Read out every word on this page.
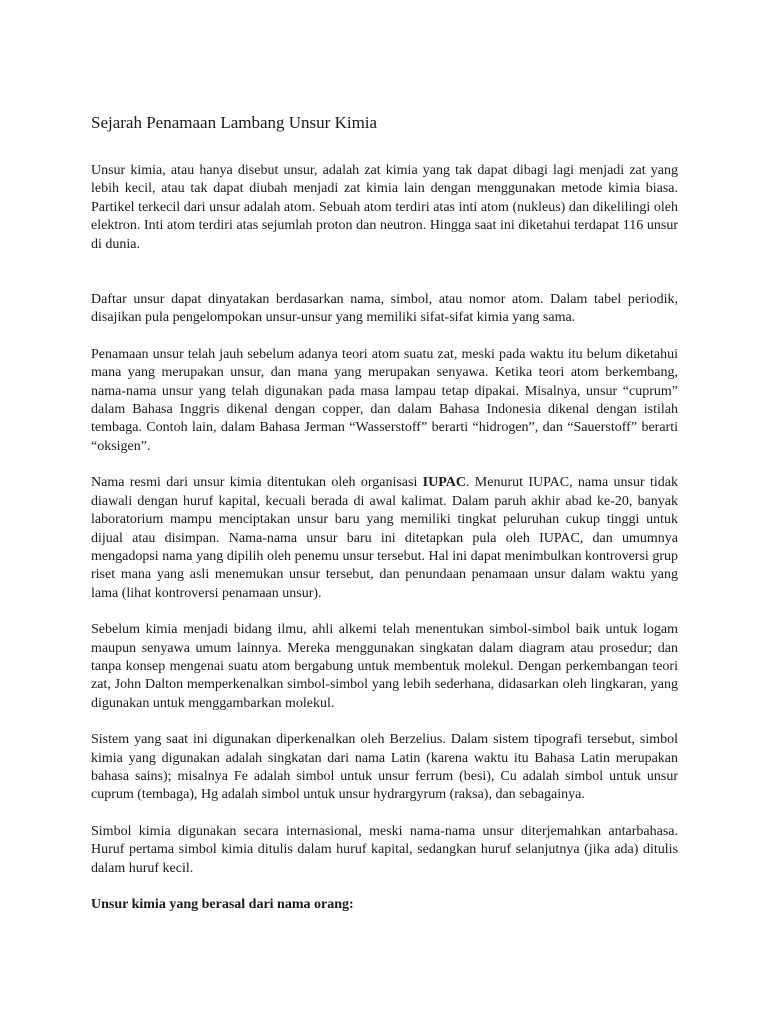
Sejarah Penamaan Lambang Unsur Kimia

Unsur kimia, atau hanya disebut unsur, adalah zat kimia yang tak dapat dibagi lagi menjadi zat yang lebih kecil, atau tak dapat diubah menjadi zat kimia lain dengan menggunakan metode kimia biasa. Partikel terkecil dari unsur adalah atom. Sebuah atom terdiri atas inti atom (nukleus) dan dikelilingi oleh elektron. Inti atom terdiri atas sejumlah proton dan neutron. Hingga saat ini diketahui terdapat 116 unsur di dunia.

Daftar unsur dapat dinyatakan berdasarkan nama, simbol, atau nomor atom. Dalam tabel periodik, disajikan pula pengelompokan unsur-unsur yang memiliki sifat-sifat kimia yang sama.

Penamaan unsur telah jauh sebelum adanya teori atom suatu zat, meski pada waktu itu belum diketahui mana yang merupakan unsur, dan mana yang merupakan senyawa. Ketika teori atom berkembang, nama-nama unsur yang telah digunakan pada masa lampau tetap dipakai. Misalnya, unsur “cuprum” dalam Bahasa Inggris dikenal dengan copper, dan dalam Bahasa Indonesia dikenal dengan istilah tembaga. Contoh lain, dalam Bahasa Jerman “Wasserstoff” berarti “hidrogen”, dan “Sauerstoff” berarti “oksigen”.

Nama resmi dari unsur kimia ditentukan oleh organisasi IUPAC. Menurut IUPAC, nama unsur tidak diawali dengan huruf kapital, kecuali berada di awal kalimat. Dalam paruh akhir abad ke-20, banyak laboratorium mampu menciptakan unsur baru yang memiliki tingkat peluruhan cukup tinggi untuk dijual atau disimpan. Nama-nama unsur baru ini ditetapkan pula oleh IUPAC, dan umumnya mengadopsi nama yang dipilih oleh penemu unsur tersebut. Hal ini dapat menimbulkan kontroversi grup riset mana yang asli menemukan unsur tersebut, dan penundaan penamaan unsur dalam waktu yang lama (lihat kontroversi penamaan unsur).

Sebelum kimia menjadi bidang ilmu, ahli alkemi telah menentukan simbol-simbol baik untuk logam maupun senyawa umum lainnya. Mereka menggunakan singkatan dalam diagram atau prosedur; dan tanpa konsep mengenai suatu atom bergabung untuk membentuk molekul. Dengan perkembangan teori zat, John Dalton memperkenalkan simbol-simbol yang lebih sederhana, didasarkan oleh lingkaran, yang digunakan untuk menggambarkan molekul.

Sistem yang saat ini digunakan diperkenalkan oleh Berzelius. Dalam sistem tipografi tersebut, simbol kimia yang digunakan adalah singkatan dari nama Latin (karena waktu itu Bahasa Latin merupakan bahasa sains); misalnya Fe adalah simbol untuk unsur ferrum (besi), Cu adalah simbol untuk unsur cuprum (tembaga), Hg adalah simbol untuk unsur hydrargyrum (raksa), dan sebagainya.

Simbol kimia digunakan secara internasional, meski nama-nama unsur diterjemahkan antarbahasa. Huruf pertama simbol kimia ditulis dalam huruf kapital, sedangkan huruf selanjutnya (jika ada) ditulis dalam huruf kecil.

Unsur kimia yang berasal dari nama orang:
